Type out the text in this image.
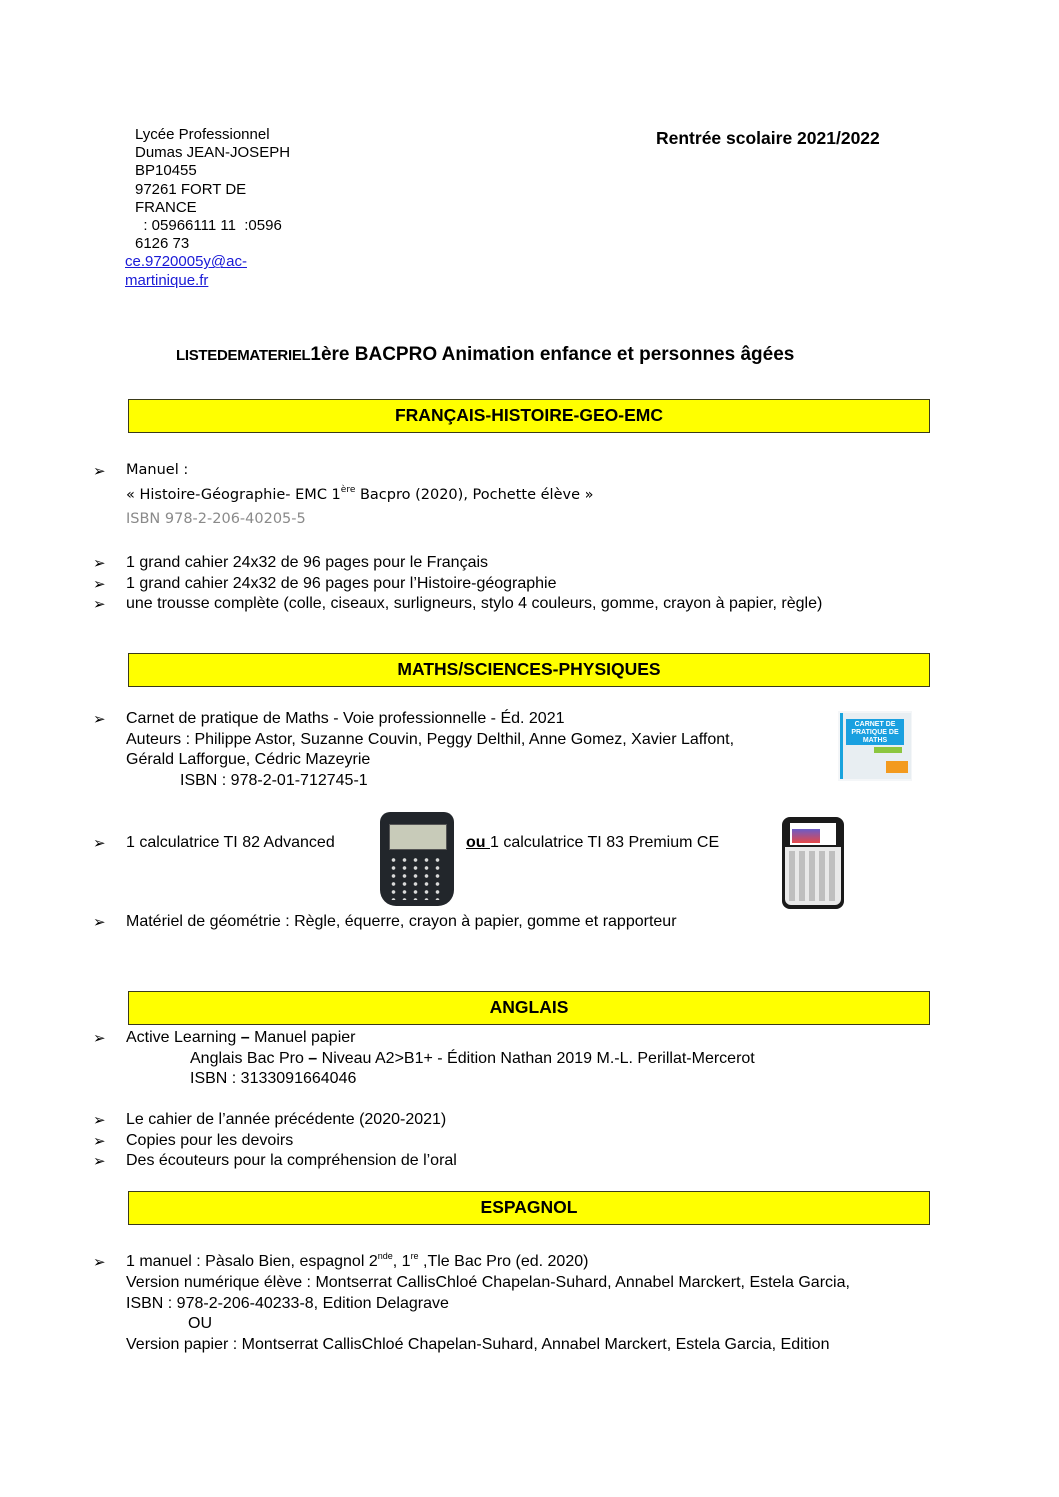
Lycée Professionnel
Dumas JEAN-JOSEPH
BP10455
97261 FORT DE
FRANCE
: 05966111 11  :0596
6126 73
ce.9720005y@ac-
martinique.fr
Rentrée scolaire 2021/2022
LISTEDEMATERIEL1ère BACPRO Animation enfance et personnes âgées
FRANÇAIS-HISTOIRE-GEO-EMC
➢ Manuel :
« Histoire-Géographie- EMC 1ère Bacpro (2020), Pochette élève »
ISBN 978-2-206-40205-5
➢ 1 grand cahier 24x32 de 96 pages pour le Français
➢ 1 grand cahier 24x32 de 96 pages pour l’Histoire-géographie
➢ une trousse complète (colle, ciseaux, surligneurs, stylo 4 couleurs, gomme, crayon à papier, règle)
MATHS/SCIENCES-PHYSIQUES
➢ Carnet de pratique de Maths - Voie professionnelle - Éd. 2021
Auteurs : Philippe Astor, Suzanne Couvin, Peggy Delthil, Anne Gomez, Xavier Laffont,
Gérald Lafforgue, Cédric Mazeyrie
ISBN : 978-2-01-712745-1
CARNET DE PRATIQUE DE MATHS
➢ 1 calculatrice TI 82 Advanced	ou 1 calculatrice TI 83 Premium CE
➢ Matériel de géométrie : Règle, équerre, crayon à papier, gomme et rapporteur
ANGLAIS
➢ Active Learning – Manuel papier
Anglais Bac Pro – Niveau A2>B1+ - Édition Nathan 2019 M.-L. Perillat-Mercerot
ISBN : 3133091664046
➢ Le cahier de l’année précédente (2020-2021)
➢ Copies pour les devoirs
➢ Des écouteurs pour la compréhension de l’oral
ESPAGNOL
➢ 1 manuel : Pàsalo Bien, espagnol 2nde, 1re ,Tle Bac Pro (ed. 2020)
Version numérique élève : Montserrat CallisChloé Chapelan-Suhard, Annabel Marckert, Estela Garcia,
ISBN : 978-2-206-40233-8, Edition Delagrave
OU
Version papier : Montserrat CallisChloé Chapelan-Suhard, Annabel Marckert, Estela Garcia, Edition
